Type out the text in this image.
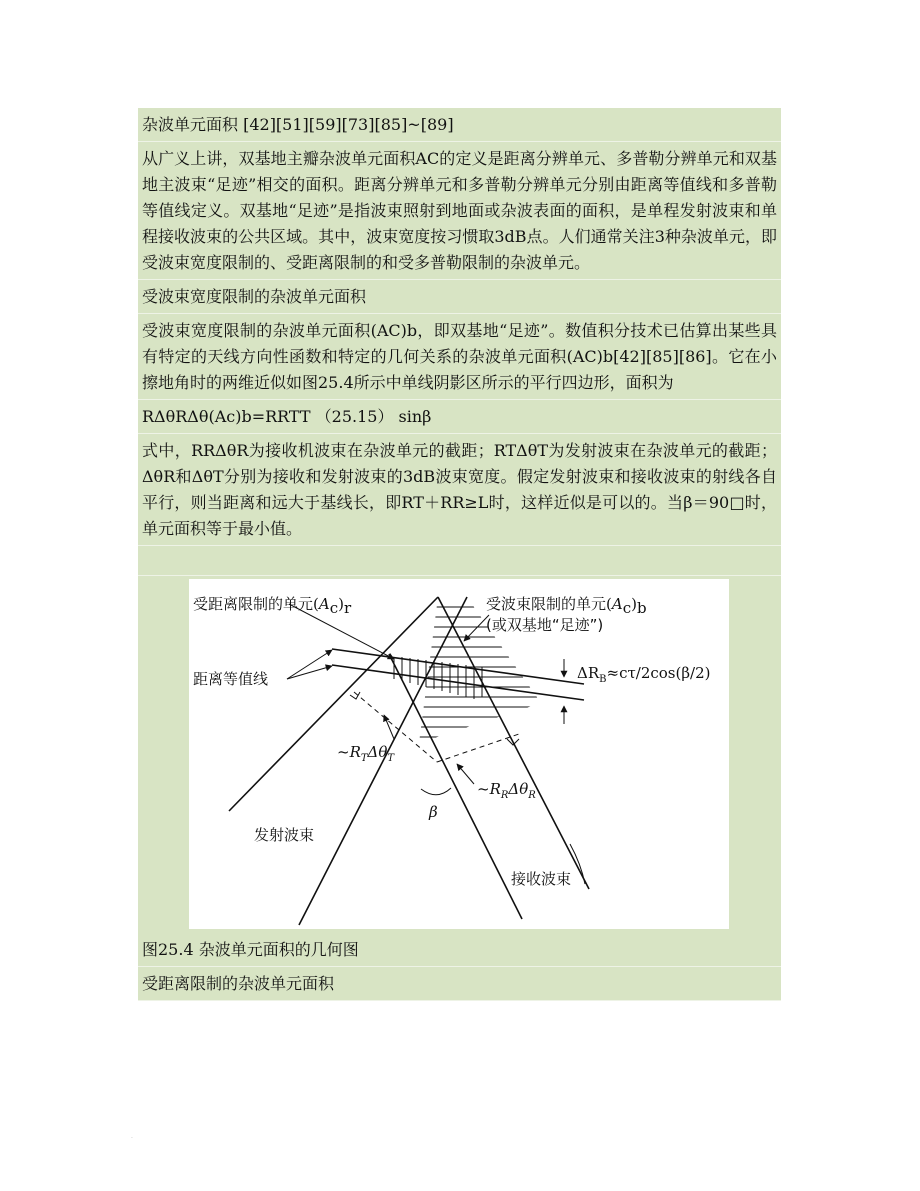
杂波单元面积 [42][51][59][73][85]~[89]
从广义上讲，双基地主瓣杂波单元面积AC的定义是距离分辨单元、多普勒分辨单元和双基地主波束“足迹”相交的面积。距离分辨单元和多普勒分辨单元分别由距离等值线和多普勒等值线定义。双基地“足迹”是指波束照射到地面或杂波表面的面积，是单程发射波束和单程接收波束的公共区域。其中，波束宽度按习惯取3dB点。人们通常关注3种杂波单元，即受波束宽度限制的、受距离限制的和受多普勒限制的杂波单元。
受波束宽度限制的杂波单元面积
受波束宽度限制的杂波单元面积(AC)b，即双基地“足迹”。数值积分技术已估算出某些具有特定的天线方向性函数和特定的几何关系的杂波单元面积(AC)b[42][85][86]。它在小擦地角时的两维近似如图25.4所示中单线阴影区所示的平行四边形，面积为
RΔθRΔθ(Ac)b=RRTT （25.15） sinβ
式中，RRΔθR为接收机波束在杂波单元的截距；RTΔθT为发射波束在杂波单元的截距；ΔθR和ΔθT分别为接收和发射波束的3dB波束宽度。假定发射波束和接收波束的射线各自平行，则当距离和远大于基线长，即RT＋RR≥L时，这样近似是可以的。当β＝90□时，单元面积等于最小值。
受距离限制的单元(Ac)r	受波束限制的单元(Ac)b
(或双基地“足迹”)
距离等值线	$\Delta R_B\approx c\tau/2\cos(\beta/2)$
$\sim R_T\Delta\theta_T$
$\sim R_R\Delta\theta_R$
β
发射波束
接收波束
图25.4 杂波单元面积的几何图
受距离限制的杂波单元面积
.
